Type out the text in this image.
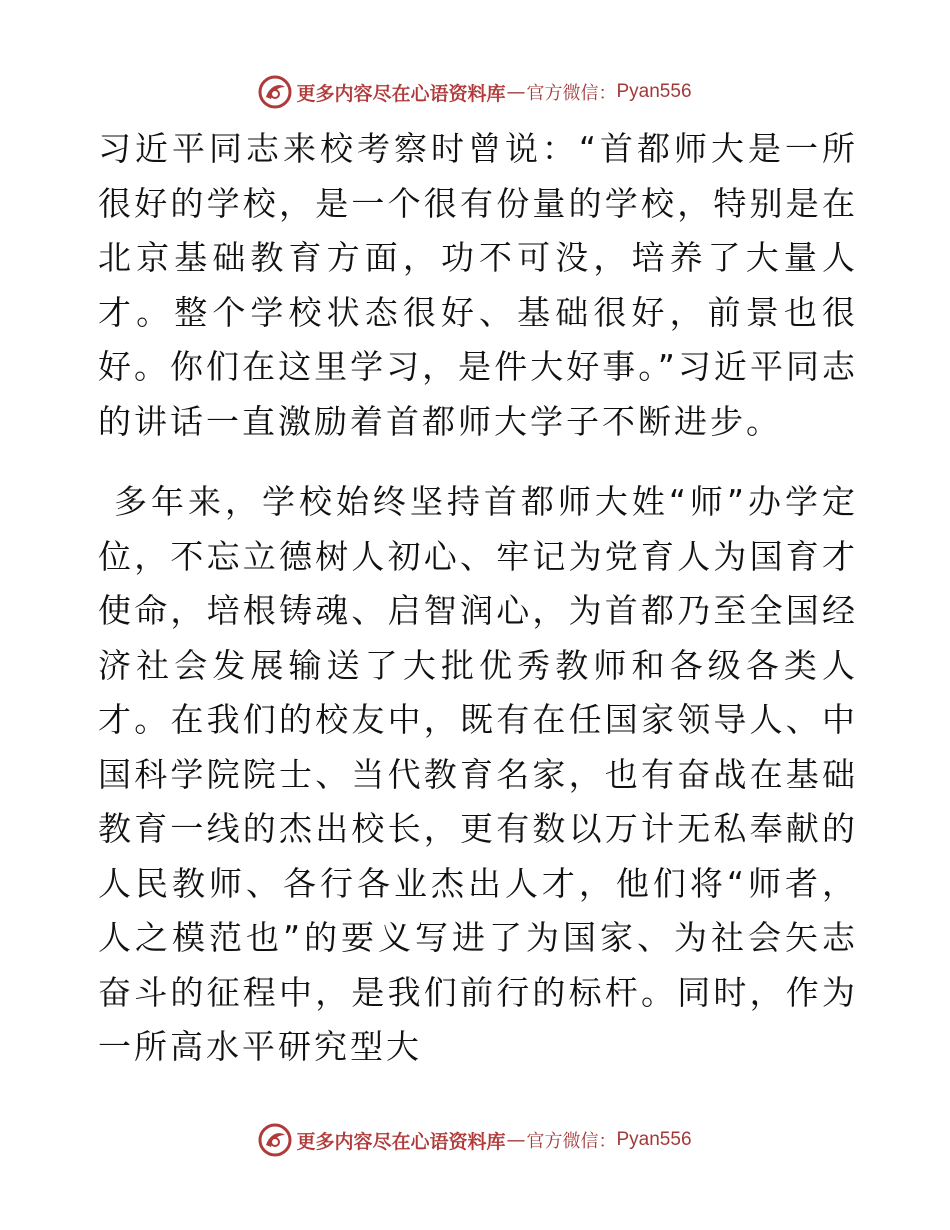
更多内容尽在心语资料库 — 官方微信： Pyan556

习近平同志来校考察时曾说：“首都师大是一所很好的学校，是一个很有份量的学校，特别是在北京基础教育方面，功不可没，培养了大量人才。整个学校状态很好、基础很好，前景也很好。你们在这里学习，是件大好事。”习近平同志的讲话一直激励着首都师大学子不断进步。

多年来，学校始终坚持首都师大姓“师”办学定位，不忘立德树人初心、牢记为党育人为国育才使命，培根铸魂、启智润心，为首都乃至全国经济社会发展输送了大批优秀教师和各级各类人才。在我们的校友中，既有在任国家领导人、中国科学院院士、当代教育名家，也有奋战在基础教育一线的杰出校长，更有数以万计无私奉献的人民教师、各行各业杰出人才，他们将“师者，人之模范也”的要义写进了为国家、为社会矢志奋斗的征程中，是我们前行的标杆。同时，作为一所高水平研究型大

更多内容尽在心语资料库 — 官方微信： Pyan556
